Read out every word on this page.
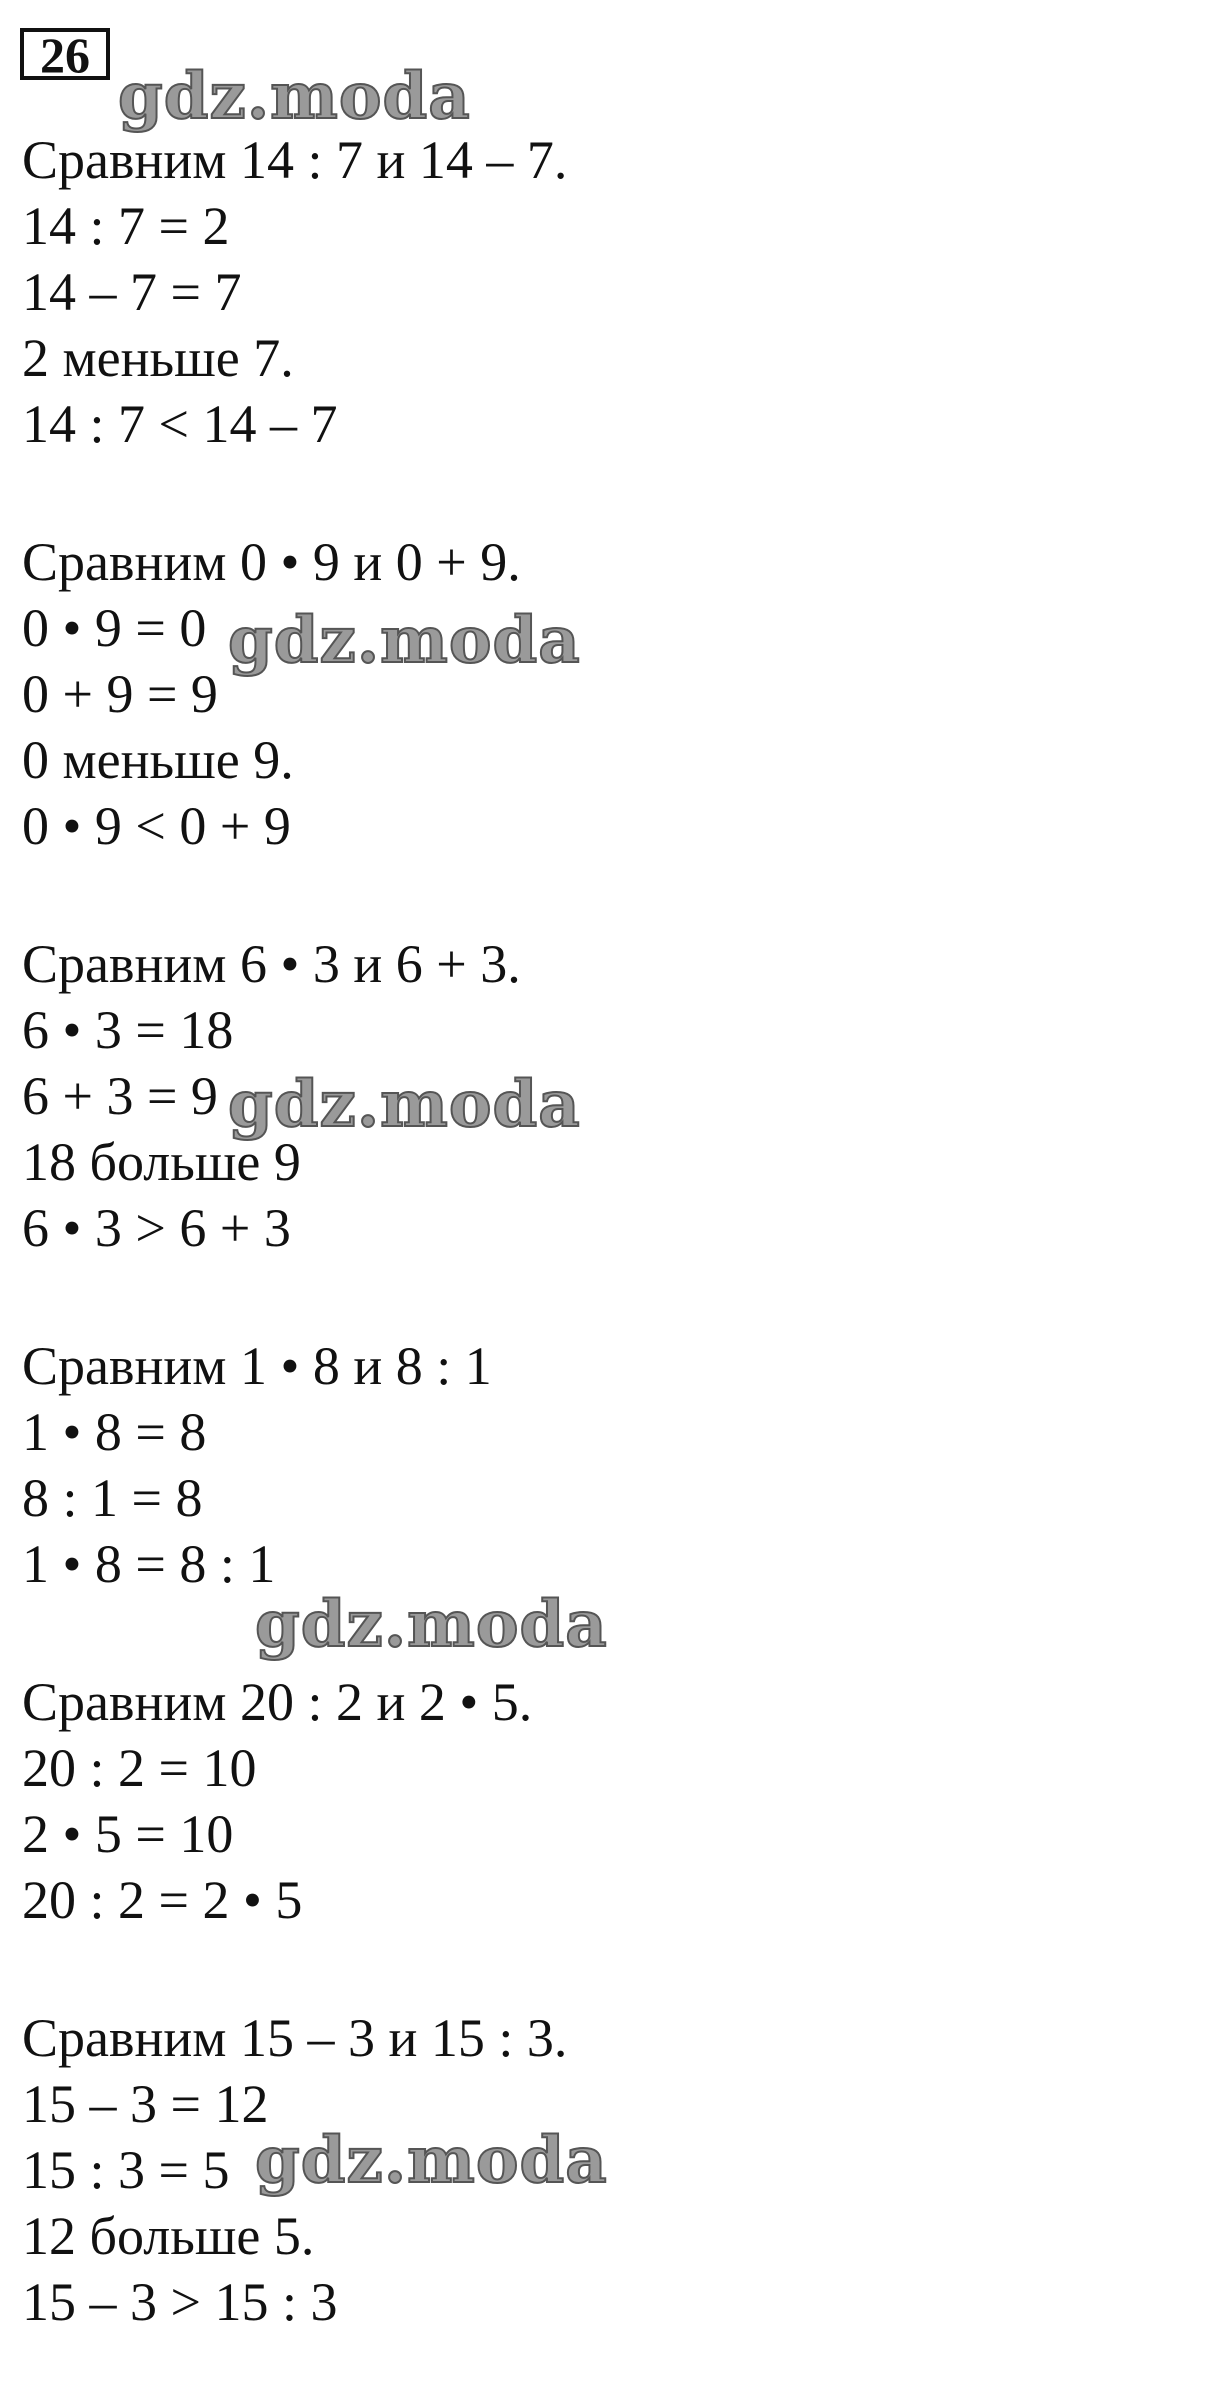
26
gdz.moda
gdz.moda
gdz.moda
gdz.moda
gdz.moda
Сравним 14 : 7 и 14 – 7.
14 : 7 = 2
14 – 7 = 7
2 меньше 7.
14 : 7 < 14 – 7
Сравним 0 • 9 и 0 + 9.
0 • 9 = 0
0 + 9 = 9
0 меньше 9.
0 • 9 < 0 + 9
Сравним 6 • 3 и 6 + 3.
6 • 3 = 18
6 + 3 = 9
18 больше 9
6 • 3 > 6 + 3
Сравним 1 • 8 и 8 : 1
1 • 8 = 8
8 : 1 = 8
1 • 8 = 8 : 1
Сравним 20 : 2 и 2 • 5.
20 : 2 = 10
2 • 5 = 10
20 : 2 = 2 • 5
Сравним 15 – 3 и 15 : 3.
15 – 3 = 12
15 : 3 = 5
12 больше 5.
15 – 3 > 15 : 3
